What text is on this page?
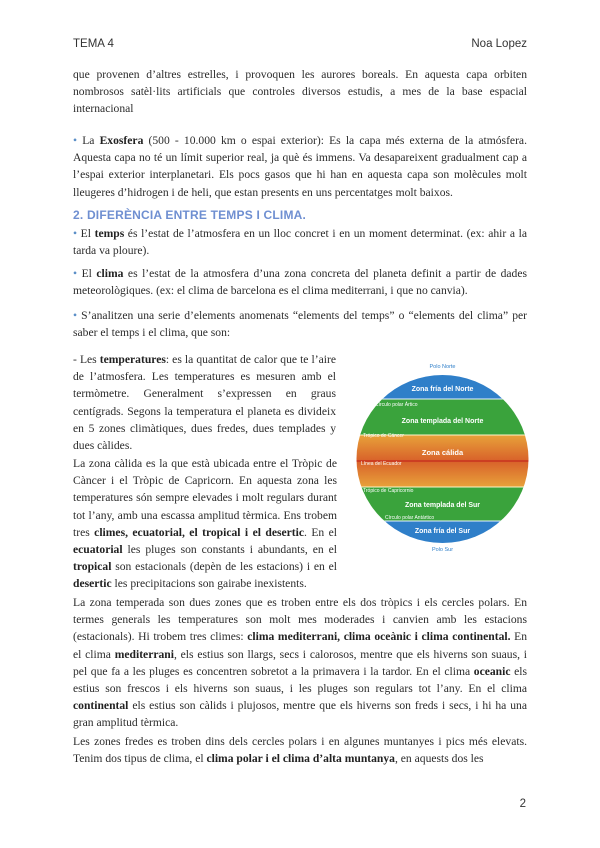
TEMA 4	Noa Lopez

que provenen d’altres estrelles, i provoquen les aurores boreals. En aquesta capa orbiten nombrosos satèl·lits artificials que controles diversos estudis, a mes de la base espacial internacional

• La Exosfera (500 - 10.000 km o espai exterior): Es la capa més externa de la atmósfera. Aquesta capa no té un límit superior real, ja què és immens. Va desapareixent gradualment cap a l’espai exterior interplanetari. Els pocs gasos que hi han en aquesta capa son molècules molt lleugeres d’hidrogen i de heli, que estan presents en uns percentatges molt baixos.

2. DIFERÈNCIA ENTRE TEMPS I CLIMA.

• El temps és l’estat de l’atmosfera en un lloc concret i en un moment determinat. (ex: ahir a la tarda va ploure).

• El clima es l’estat de la atmosfera d’una zona concreta del planeta definit a partir de dades meteorològiques. (ex: el clima de barcelona es el clima mediterrani, i que no canvia).

• S’analitzen una serie d’elements anomenats “elements del temps” o “elements del clima” per saber el temps i el clima, que son:

- Les temperatures: es la quantitat de calor que te l’aire de l’atmosfera. Les temperatures es mesuren amb el termòmetre. Generalment s’expressen en graus centígrads. Segons la temperatura el planeta es divideix en 5 zones climàtiques, dues fredes, dues templades y dues càlides.

La zona càlida es la que està ubicada entre el Tròpic de Càncer i el Tròpic de Capricorn. En aquesta zona les temperatures són sempre elevades i molt regulars durant tot l’any, amb una escassa amplitud tèrmica. Ens trobem tres climes, ecuatorial, el tropical i el desertic. En el ecuatorial les pluges son constants i abundants, en el tropical son estacionals (depèn de les estacions) i en el desertic les precipitacions son gairabe inexistents.

La zona temperada son dues zones que es troben entre els dos tròpics i els cercles polars. En termes generals les temperatures son molt mes moderades i canvien amb les estacions (estacionals). Hi trobem tres climes: clima mediterrani, clima oceànic i clima continental. En el clima mediterrani, els estius son llargs, secs i calorosos, mentre que els hiverns son suaus, i pel que fa a les pluges es concentren sobretot a la primavera i la tardor. En el clima oceanic els estius son frescos i els hiverns son suaus, i les pluges son regulars tot l’any. En el clima continental els estius son càlids i plujosos, mentre que els hiverns son freds i secs, i hi ha una gran amplitud tèrmica.

Les zones fredes es troben dins dels cercles polars i en algunes muntanyes i pics més elevats. Tenim dos tipus de clima, el clima polar i el clima d’alta muntanya, en aquests dos les

Polo Norte
Zona fría del Norte
Círculo polar Ártico
Zona templada del Norte
Trópico de Cáncer
Zona cálida
Línea del Ecuador
Trópico de Capricornio
Zona templada del Sur
Círculo polar Antártico
Zona fría del Sur
Polo Sur
2
